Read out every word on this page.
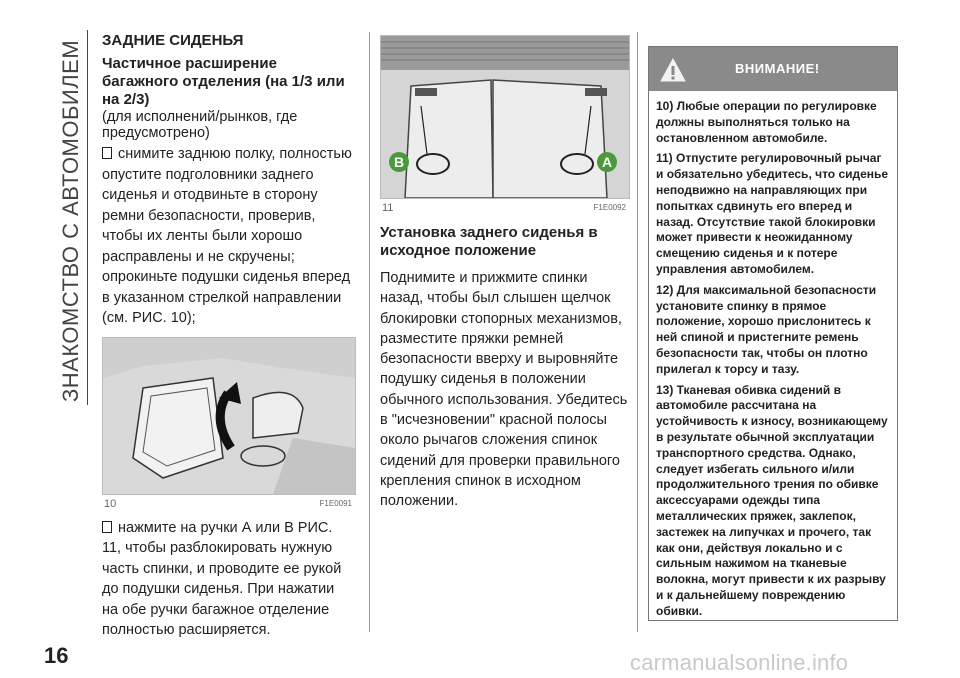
ЗНАКОМСТВО С АВТОМОБИЛЕМ ЗАДНИЕ СИДЕНЬЯ
Частичное расширение багажного отделения (на 1/3 или на 2/3)
(для исполнений/рынков, где предусмотрено)

снимите заднюю полку, полностью опустите подголовники заднего сиденья и отодвиньте в сторону ремни безопасности, проверив, чтобы их ленты были хорошо расправлены и не скручены; опрокиньте подушки сиденья вперед в указанном стрелкой направлении (см. РИС. 10);

10	F1E0091

нажмите на ручки А или В РИС. 11, чтобы разблокировать нужную часть спинки, и проводите ее рукой до подушки сиденья. При нажатии на обе ручки багажное отделение полностью расширяется.

B	A
11	F1E0092
Установка заднего сиденья в исходное положение

Поднимите и прижмите спинки назад, чтобы был слышен щелчок блокировки стопорных механизмов, разместите пряжки ремней безопасности вверху и выровняйте подушку сиденья в положении обычного использования. Убедитесь в "исчезновении" красной полосы около рычагов сложения спинок сидений для проверки правильного крепления спинок в исходном положении.

ВНИМАНИЕ!

10) Любые операции по регулировке должны выполняться только на остановленном автомобиле.

11) Отпустите регулировочный рычаг и обязательно убедитесь, что сиденье неподвижно на направляющих при попытках сдвинуть его вперед и назад. Отсутствие такой блокировки может привести к неожиданному смещению сиденья и к потере управления автомобилем.

12) Для максимальной безопасности установите спинку в прямое положение, хорошо прислонитесь к ней спиной и пристегните ремень безопасности так, чтобы он плотно прилегал к торсу и тазу.

13) Тканевая обивка сидений в автомобиле рассчитана на устойчивость к износу, возникающему в результате обычной эксплуатации транспортного средства. Однако, следует избегать сильного и/или продолжительного трения по обивке аксессуарами одежды типа металлических пряжек, заклепок, застежек на липучках и прочего, так как они, действуя локально и с сильным нажимом на тканевые волокна, могут привести к их разрыву и к дальнейшему повреждению обивки.

16	carmanualsonline.info
